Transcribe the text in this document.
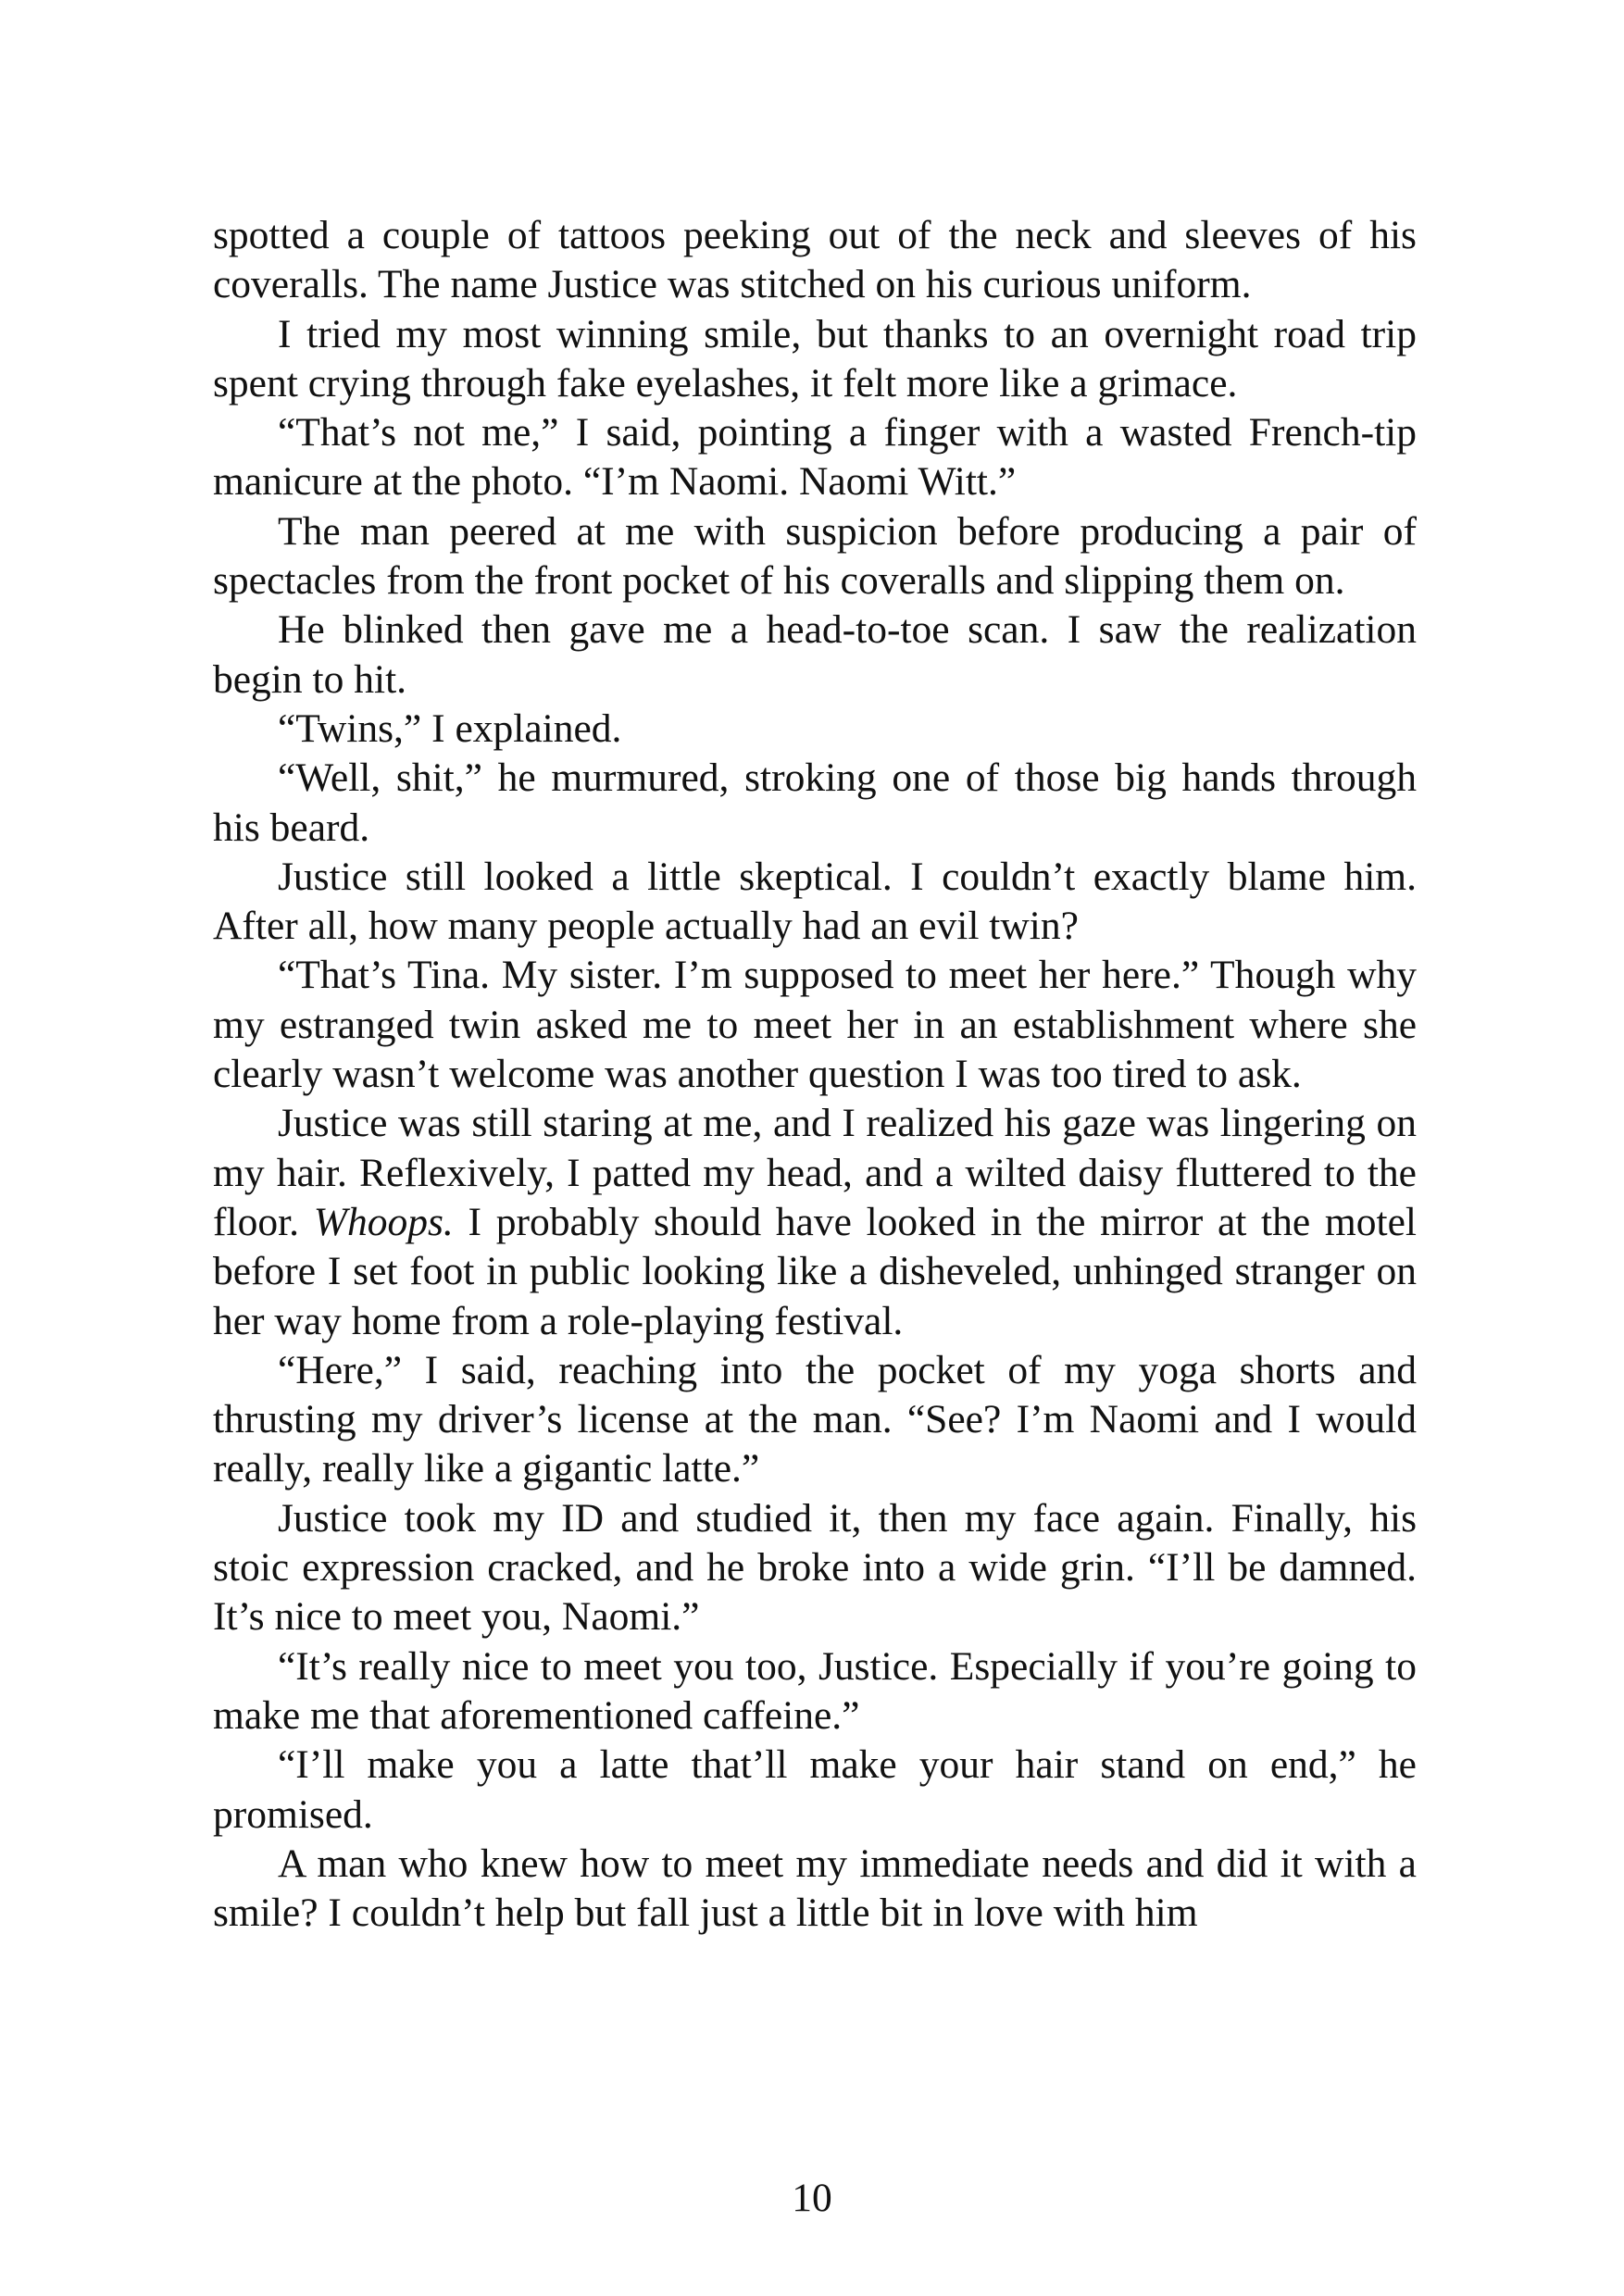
spotted a couple of tattoos peeking out of the neck and sleeves of his coveralls. The name Justice was stitched on his curious uniform.

I tried my most winning smile, but thanks to an overnight road trip spent crying through fake eyelashes, it felt more like a grimace.

“That’s not me,” I said, pointing a finger with a wasted French-tip manicure at the photo. “I’m Naomi. Naomi Witt.”

The man peered at me with suspicion before producing a pair of spectacles from the front pocket of his coveralls and slipping them on.

He blinked then gave me a head-to-toe scan. I saw the realization begin to hit.

“Twins,” I explained.

“Well, shit,” he murmured, stroking one of those big hands through his beard.

Justice still looked a little skeptical. I couldn’t exactly blame him. After all, how many people actually had an evil twin?

“That’s Tina. My sister. I’m supposed to meet her here.” Though why my estranged twin asked me to meet her in an establishment where she clearly wasn’t welcome was another question I was too tired to ask.

Justice was still staring at me, and I realized his gaze was lingering on my hair. Reflexively, I patted my head, and a wilted daisy fluttered to the floor. Whoops. I probably should have looked in the mirror at the motel before I set foot in public looking like a disheveled, unhinged stranger on her way home from a role-playing festival.

“Here,” I said, reaching into the pocket of my yoga shorts and thrusting my driver’s license at the man. “See? I’m Naomi and I would really, really like a gigantic latte.”

Justice took my ID and studied it, then my face again. Finally, his stoic expression cracked, and he broke into a wide grin. “I’ll be damned. It’s nice to meet you, Naomi.”

“It’s really nice to meet you too, Justice. Especially if you’re going to make me that aforementioned caffeine.”

“I’ll make you a latte that’ll make your hair stand on end,” he promised.

A man who knew how to meet my immediate needs and did it with a smile? I couldn’t help but fall just a little bit in love with him

10
